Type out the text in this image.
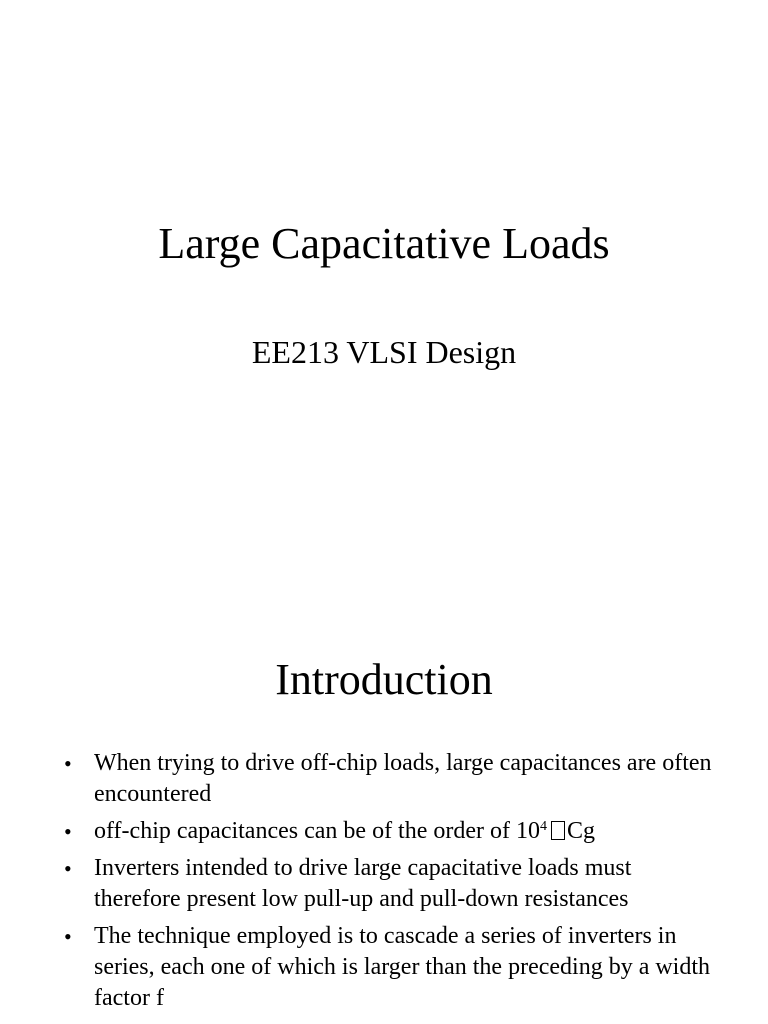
Large Capacitative Loads
EE213 VLSI Design
Introduction
• When trying to drive off-chip loads, large capacitances are often encountered
• off-chip capacitances can be of the order of $10^4$ Cg
• Inverters intended to drive large capacitative loads must therefore present low pull-up and pull-down resistances
• The technique employed is to cascade a series of inverters in series, each one of which is larger than the preceding by a width factor f
